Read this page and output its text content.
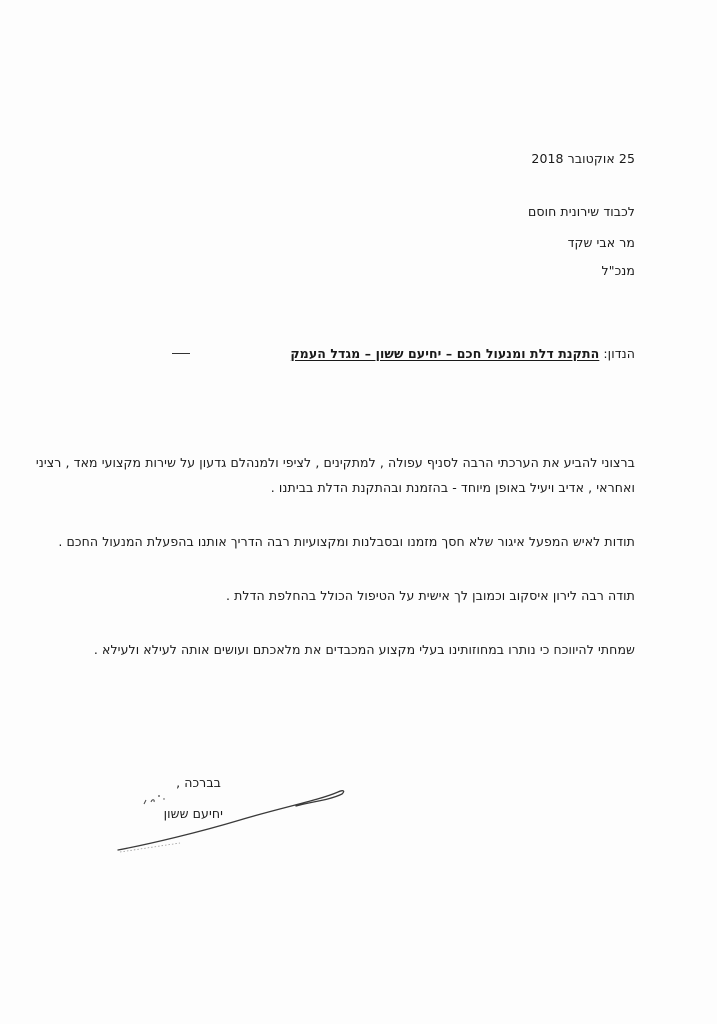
25 אוקטובר 2018
לכבוד שירונית חוסם
מר אבי שקד
מנכ"ל
הנדון: התקנת דלת ומנעול חכם – יחיעם ששון – מגדל העמק
ברצוני להביע את הערכתי הרבה לסניף עפולה , למתקינים , לציפי ולמנהלם גדעון על שירות מקצועי מאד , רציני
ואחראי , אדיב ויעיל באופן מיוחד - בהזמנת ובהתקנת הדלת בביתנו .
תודות לאיש המפעל איגור שלא חסך מזמנו ובסבלנות ומקצועיות רבה הדריך אותנו בהפעלת המנעול החכם .
תודה רבה לירון איסקוב וכמובן לך אישית על הטיפול הכולל בהחלפת הדלת .
שמחתי להיווכח כי נותרו במחוזותינו בעלי מקצוע המכבדים את מלאכתם ועושים אותה לעילא ולעילא .
בברכה ,
יחיעם ששון
